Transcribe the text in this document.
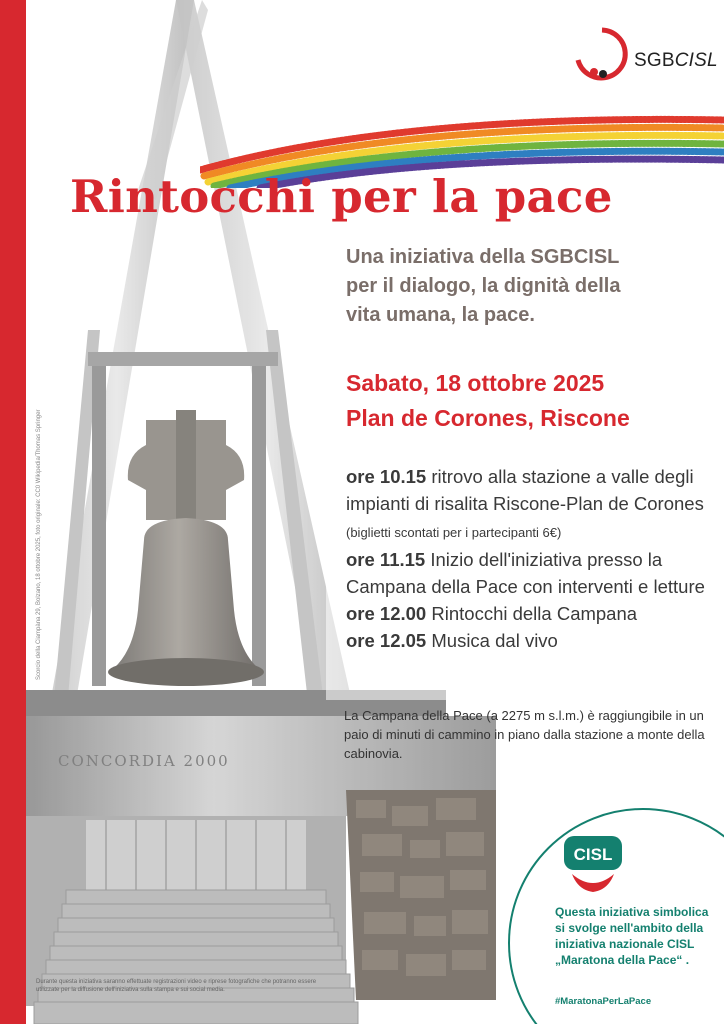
CONCORDIA 2000
SGBCISL
Rintocchi per la pace
Una iniziativa della SGBCISL
per il dialogo, la dignità della
vita umana, la pace.
Sabato, 18 ottobre 2025
Plan de Corones, Riscone
ore 10.15 ritrovo alla stazione a valle degli impianti di risalita Riscone-Plan de Corones (biglietti scontati per i partecipanti 6€)
ore 11.15 Inizio dell'iniziativa presso la Campana della Pace con interventi e letture
ore 12.00 Rintocchi della Campana
ore 12.05 Musica dal vivo
La Campana della Pace (a 2275 m s.l.m.) è raggiungibile in un paio di minuti di cammino in piano dalla stazione a monte della cabinovia.
Scorcio della Ciampàna 29, Bolzano, 18 ottobre 2025, foto originale: CC0 Wikipedia/Thomas Springer
CISL
Questa iniziativa simbolica si svolge nell'ambito della iniziativa nazionale CISL „Maratona della Pace“ .
#MaratonaPerLaPace
Durante questa iniziativa saranno effettuate registrazioni video e riprese fotografiche che potranno essere utilizzate per la diffusione dell'iniziativa sulla stampa e sui social media.
